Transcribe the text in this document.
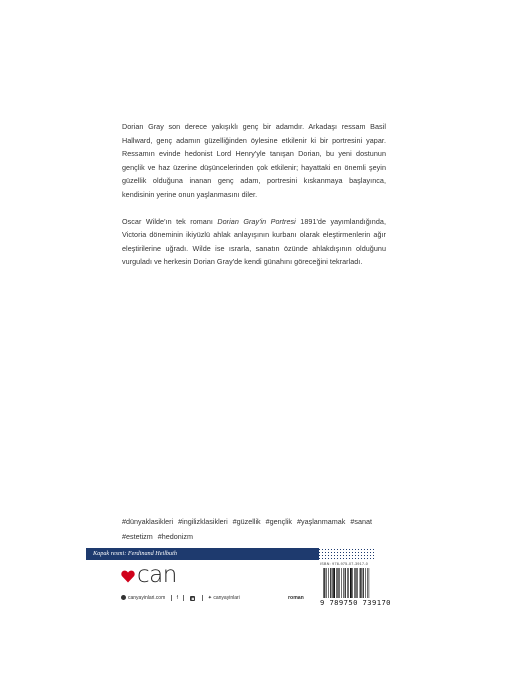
Dorian Gray son derece yakışıklı genç bir adamdır. Arkadaşı ressam Basil Hallward, genç adamın güzelliğinden öylesine etkilenir ki bir portresini yapar. Ressamın evinde hedonist Lord Henry'yle tanışan Dorian, bu yeni dostunun gençlik ve haz üzerine düşüncelerinden çok etkilenir; hayattaki en önemli şeyin güzellik olduğuna inanan genç adam, portresini kıskanmaya başlayınca, kendisinin yerine onun yaşlanmasını diler.

Oscar Wilde'ın tek romanı Dorian Gray'in Portresi 1891'de yayımlandığında, Victoria döneminin ikiyüzlü ahlak anlayışının kurbanı olarak eleştirmenlerin ağır eleştirilerine uğradı. Wilde ise ısrarla, sanatın özünde ahlakdışının olduğunu vurguladı ve herkesin Dorian Gray'de kendi günahını göreceğini tekrarladı.

#dünyaklasikleri #ingilizklasikleri #güzellik #gençlik #yaşlanmamak #sanat
#estetizm #hedonizm
Kapak resmi: Ferdinand Heilbuth
can
canyayinlari.com f	◙	✦ canyayinlari	roman
ISBN: 978-975-07-3917-0
9 789750 739170
